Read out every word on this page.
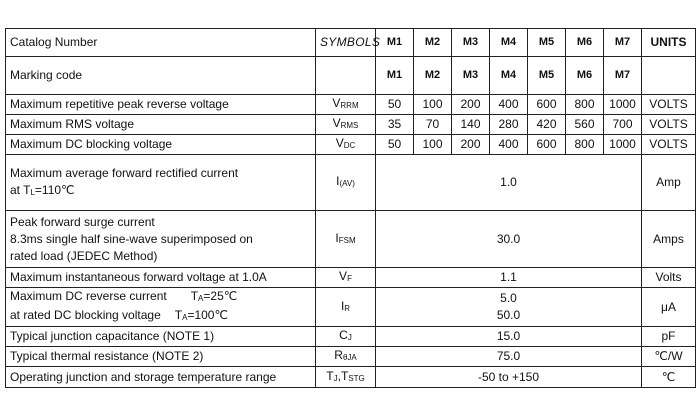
Catalog Number	SYMBOLS	M1	M2	M3	M4	M5	M6	M7	UNITS
Marking code		M1	M2	M3	M4	M5	M6	M7	
Maximum repetitive peak reverse voltage	VRRM	50	100	200	400	600	800	1000	VOLTS
Maximum RMS voltage	VRMS	35	70	140	280	420	560	700	VOLTS
Maximum DC blocking voltage	VDC	50	100	200	400	600	800	1000	VOLTS

Maximum average forward rectified current
at TL=110℃	I(AV)	1.0							Amp

Peak forward surge current
8.3ms single half sine-wave superimposed on
rated load (JEDEC Method)	IFSM	30.0							Amps
Maximum instantaneous forward voltage at 1.0A	VF	1.1							Volts

Maximum DC reverse current TA=25℃
at rated DC blocking voltage TA=100℃	IR	5.0
50.0							μA
Typical junction capacitance (NOTE 1)	CJ	15.0							pF
Typical thermal resistance (NOTE 2)	RθJA	75.0							℃/W
Operating junction and storage temperature range	TJ,TSTG	-50 to +150							℃
